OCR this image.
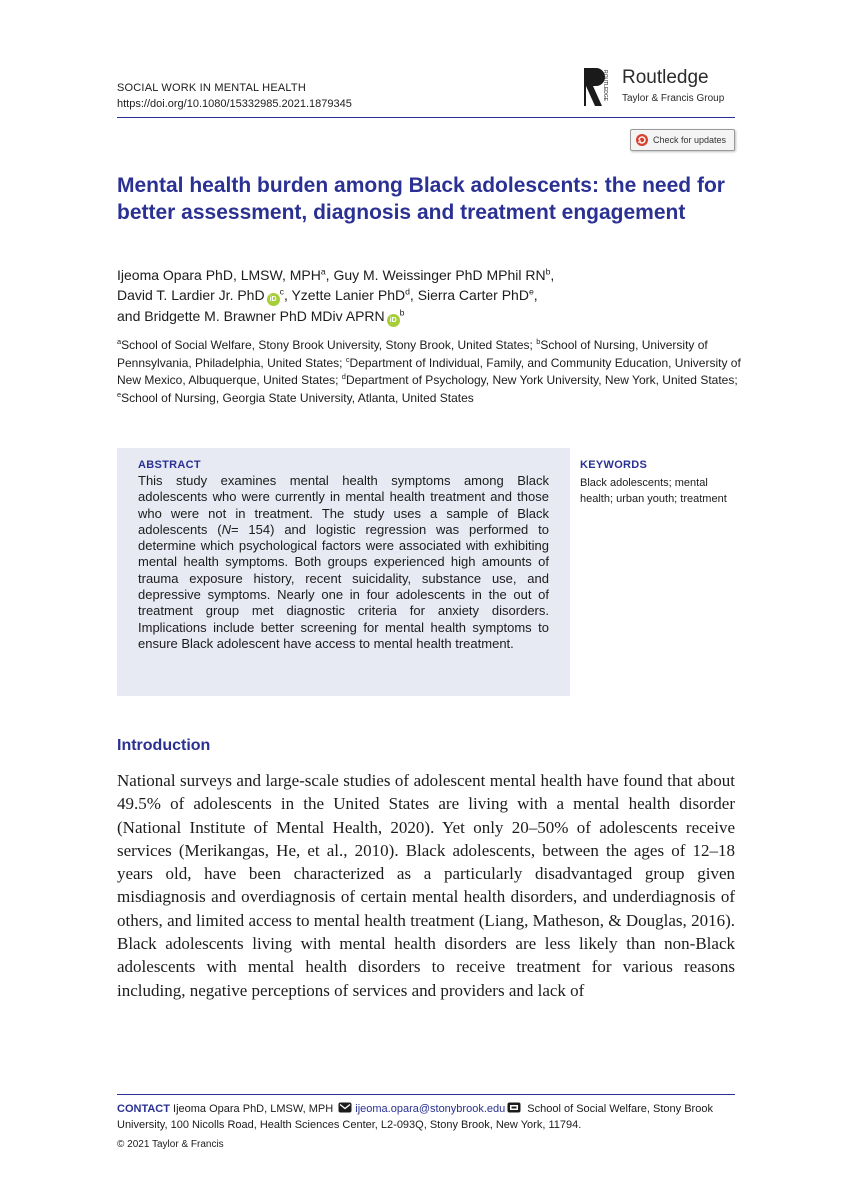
SOCIAL WORK IN MENTAL HEALTH
https://doi.org/10.1080/15332985.2021.1879345
ROUTLEDGE Routledge
Taylor & Francis Group
Check for updates
Mental health burden among Black adolescents: the need for better assessment, diagnosis and treatment engagement
Ijeoma Opara PhD, LMSW, MPH$^a$, Guy M. Weissinger PhD MPhil $RN^b$,
David T. Lardier Jr. PhD $iD^c$, Yzette Lanier PhD$^d$, Sierra Carter PhD$^e$,
and Bridgette M. Brawner PhD MDiv APRN $iD^b$
$^a$School of Social Welfare, Stony Brook University, Stony Brook, United States; $^b$School of Nursing, University of Pennsylvania, Philadelphia, United States; $^c$Department of Individual, Family, and Community Education, University of New Mexico, Albuquerque, United States; $^d$Department of Psychology, New York University, New York, United States; $^e$School of Nursing, Georgia State University, Atlanta, United States
ABSTRACT
This study examines mental health symptoms among Black adolescents who were currently in mental health treatment and those who were not in treatment. The study uses a sample of Black adolescents (N= 154) and logistic regression was performed to determine which psychological factors were associated with exhibiting mental health symptoms. Both groups experienced high amounts of trauma exposure history, recent suicidality, substance use, and depressive symptoms. Nearly one in four adolescents in the out of treatment group met diagnostic criteria for anxiety disorders. Implications include better screening for mental health symptoms to ensure Black adolescent have access to mental health treatment.
KEYWORDS
Black adolescents; mental health; urban youth; treatment
Introduction
National surveys and large-scale studies of adolescent mental health have found that about 49.5% of adolescents in the United States are living with a mental health disorder (National Institute of Mental Health, 2020). Yet only 20–50% of adolescents receive services (Merikangas, He, et al., 2010). Black adolescents, between the ages of 12–18 years old, have been characterized as a particularly disadvantaged group given misdiagnosis and overdiagnosis of certain mental health disorders, and underdiagnosis of others, and limited access to mental health treatment (Liang, Matheson, & Douglas, 2016). Black adolescents living with mental health disorders are less likely than non-Black adolescents with mental health disorders to receive treatment for various reasons including, negative perceptions of services and providers and lack of
CONTACT Ijeoma Opara PhD, LMSW, MPH ijeoma.opara@stonybrook.edu School of Social Welfare, Stony Brook University, 100 Nicolls Road, Health Sciences Center, L2-093Q, Stony Brook, New York, 11794.
© 2021 Taylor & Francis
